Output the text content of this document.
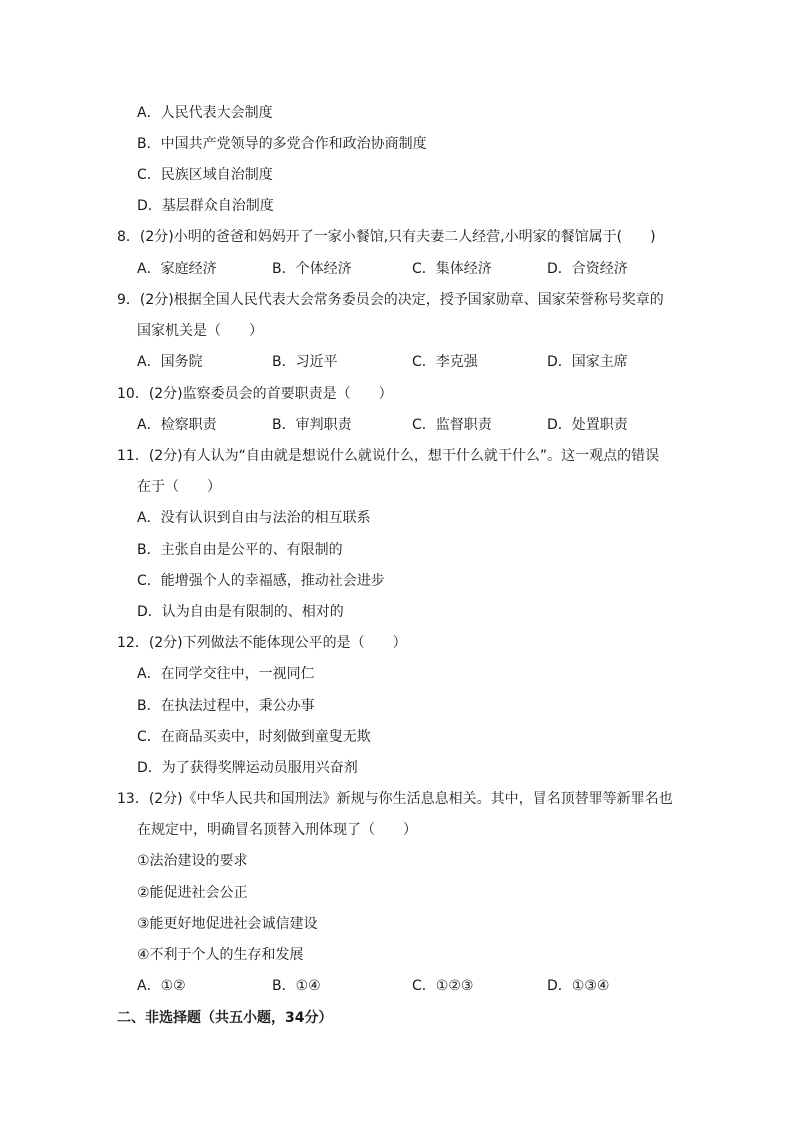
A．人民代表大会制度
B．中国共产党领导的多党合作和政治协商制度
C．民族区域自治制度
D．基层群众自治制度
8．(2分)小明的爸爸和妈妈开了一家小餐馆,只有夫妻二人经营,小明家的餐馆属于(　　)
A．家庭经济	B．个体经济	C．集体经济	D．合资经济
9．(2分)根据全国人民代表大会常务委员会的决定，授予国家勋章、国家荣誉称号奖章的
国家机关是（　　）
A．国务院	B．习近平	C．李克强	D．国家主席
10．(2分)监察委员会的首要职责是（　　）
A．检察职责	B．审判职责	C．监督职责	D．处置职责
11．(2分)有人认为“自由就是想说什么就说什么，想干什么就干什么”。这一观点的错误
在于（　　）
A．没有认识到自由与法治的相互联系
B．主张自由是公平的、有限制的
C．能增强个人的幸福感，推动社会进步
D．认为自由是有限制的、相对的
12．(2分)下列做法不能体现公平的是（　　）
A．在同学交往中，一视同仁
B．在执法过程中，秉公办事
C．在商品买卖中，时刻做到童叟无欺
D．为了获得奖牌运动员服用兴奋剂
13．(2分)《中华人民共和国刑法》新规与你生活息息相关。其中，冒名顶替罪等新罪名也
在规定中，明确冒名顶替入刑体现了（　　）
①法治建设的要求
②能促进社会公正
③能更好地促进社会诚信建设
④不利于个人的生存和发展
A．①②	B．①④	C．①②③	D．①③④
二、非选择题（共五小题，34分）
